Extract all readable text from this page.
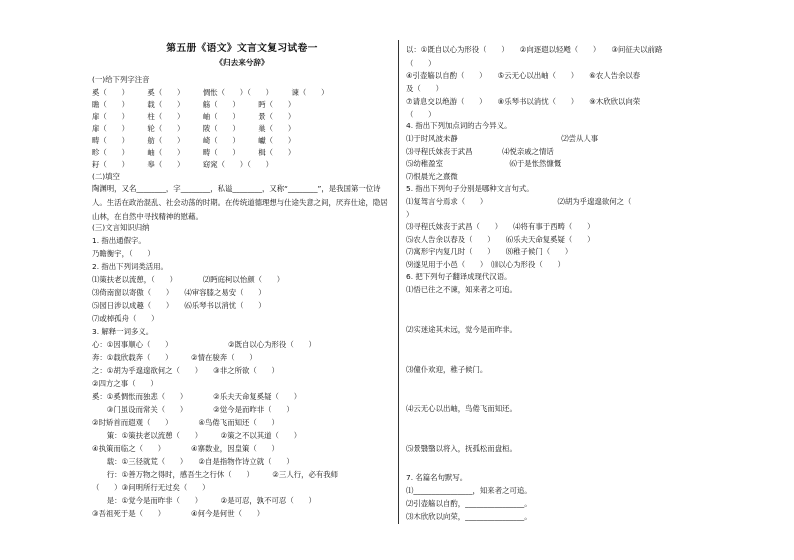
第五册《语文》文言文复习试卷一
《归去来兮辞》
(一)给下列字注音
奚（　　）　　　奚（　　）　　　惆怅（　　）（　　）　　　谏（　　）
瞻（　　）　　　载（　　）　　　觞（　　）　　　眄（　　）
扉（　　）　　　柱（　　）　　　岫（　　）　　　景（　　）
扉（　　）　　　轮（　　）　　　陂（　　）　　　巢（　　）
畴（　　）　　　舫（　　）　　　崎（　　）　　　巘（　　）
畛（　　）　　　岫（　　）　　　畴（　　）　　　楫（　　）
耔（　　）　　　皋（　　）　　　窈窕（　　）（　　）
(二)填空
陶渊明，又名________，字________，私谥________，又称“________”，是我国第一位诗人。生活在政治混乱、社会动荡的时期。在传统道德理想与仕途失意之间，厌弃仕途，隐居山林，在自然中寻找精神的慰藉。
(三)文言知识归纳
1. 指出通假字。
乃瞻衡宇，（　　）
2. 指出下列词类活用。
⑴策扶老以流憩，（　　）　　　　⑵眄庭柯以怡颜（　　）
⑶倚南窗以寄傲（　　）　　⑷审容膝之易安（　　）
⑸园日涉以成趣（　　）　　⑹乐琴书以消忧（　　）
⑺或棹孤舟（　　）
3. 解释一词多义。
心：①因事顺心（　　）　　　　　　　　②既自以心为形役（　　）
奔：①载欣载奔（　　）　　　②情在骏奔（　　）
之：①胡为乎遑遑欲何之（　　）　　③非之所欲（　　）
②四方之事（　　）
奚：①奚惆怅而独悲（　　）　　　　②乐夫天命复奚疑（　　）
　　③门虽设而常关（　　）　　　　②觉今是而昨非（　　）
②时矫首而遐观（　　）　　　　④鸟倦飞而知还（　　）
　　策：①策扶老以流憩（　　）　　　②策之不以其道（　　）
④执策而临之（　　）　　　　④寨数业，因皇策（　　）
　　载：①三径就荒（　　）　　②自是指物作诗立就（　　）
　　行：①善万物之得时，感吾生之行休（　　）　　　②三人行，必有我师
（　　）③问明所行无过矣（　　）
　　是：①觉今是而昨非（　　）　　　②是可忍，孰不可忍（　　）
③吾祖死于是（　　）　　　　④何今是何世（　　）
以：①既自以心为形役（　　）　　②向逐遐以轻飏（　　）　　③问征夫以前路
（　　）
④引壶觞以自酌（　　）　　⑤云无心以出岫（　　）　　⑥农人告余以春
及（　　）
⑦请息交以绝游（　　）　　⑧乐琴书以消忧（　　）　　⑨木欣欣以向荣
（　　）
4. 指出下列加点词的古今异义。
⑴于时风波未静　　　　　　　　　　　　　　⑵尝从人事
⑶寻程氏妹丧于武昌　　　　⑷悦亲戚之情话
⑸幼稚盈室　　　　　　　　　⑹于是怅然慷慨
⑺恨晨光之熹微
5. 指出下列句子分别是哪种文言句式。
⑴复驾言兮焉求（　　）　　　　　　　　　　⑵胡为乎遑遑欲何之（
）
⑶寻程氏妹丧于武昌（　　）　　⑷将有事于西畴（　　）
⑸农人告余以春及（　　）　　⑹乐夫天命复奚疑（　　）
⑺寓形宇内复几时（　　）　　⑻稚子候门（　　）
⑼遂见用于小邑（　　）　⑽以心为形役（　　）
6. 把下列句子翻译成现代汉语。
⑴悟已往之不谏，知来者之可追。
⑵实迷途其未远，觉今是而昨非。
⑶僮仆欢迎，稚子候门。
⑷云无心以出岫，鸟倦飞而知还。
⑸景翳翳以将入，抚孤松而盘桓。
7. 名篇名句默写。
⑴________________，知来者之可追。
⑵引壶觞以自酌，________________。
⑶木欣欣以向荣，________________。
